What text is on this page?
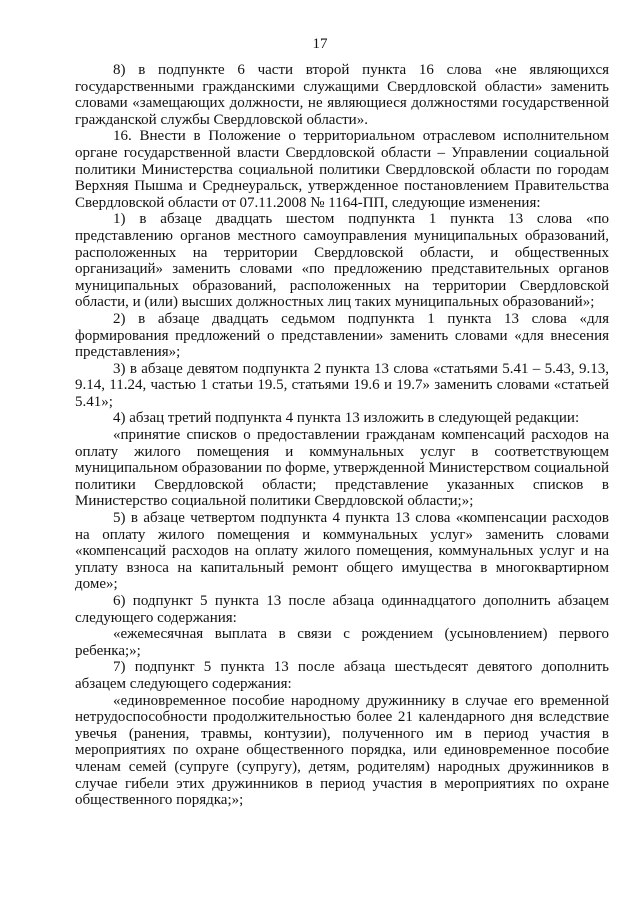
17

8) в подпункте 6 части второй пункта 16 слова «не являющихся государственными гражданскими служащими Свердловской области» заменить словами «замещающих должности, не являющиеся должностями государственной гражданской службы Свердловской области».

16. Внести в Положение о территориальном отраслевом исполнительном органе государственной власти Свердловской области – Управлении социальной политики Министерства социальной политики Свердловской области по городам Верхняя Пышма и Среднеуральск, утвержденное постановлением Правительства Свердловской области от 07.11.2008 № 1164-ПП, следующие изменения:

1) в абзаце двадцать шестом подпункта 1 пункта 13 слова «по представлению органов местного самоуправления муниципальных образований, расположенных на территории Свердловской области, и общественных организаций» заменить словами «по предложению представительных органов муниципальных образований, расположенных на территории Свердловской области, и (или) высших должностных лиц таких муниципальных образований»;

2) в абзаце двадцать седьмом подпункта 1 пункта 13 слова «для формирования предложений о представлении» заменить словами «для внесения представления»;

3) в абзаце девятом подпункта 2 пункта 13 слова «статьями 5.41 – 5.43, 9.13, 9.14, 11.24, частью 1 статьи 19.5, статьями 19.6 и 19.7» заменить словами «статьей 5.41»;

4) абзац третий подпункта 4 пункта 13 изложить в следующей редакции:

«принятие списков о предоставлении гражданам компенсаций расходов на оплату жилого помещения и коммунальных услуг в соответствующем муниципальном образовании по форме, утвержденной Министерством социальной политики Свердловской области; представление указанных списков в Министерство социальной политики Свердловской области;»;

5) в абзаце четвертом подпункта 4 пункта 13 слова «компенсации расходов на оплату жилого помещения и коммунальных услуг» заменить словами «компенсаций расходов на оплату жилого помещения, коммунальных услуг и на уплату взноса на капитальный ремонт общего имущества в многоквартирном доме»;

6) подпункт 5 пункта 13 после абзаца одиннадцатого дополнить абзацем следующего содержания:

«ежемесячная выплата в связи с рождением (усыновлением) первого ребенка;»;

7) подпункт 5 пункта 13 после абзаца шестьдесят девятого дополнить абзацем следующего содержания:

«единовременное пособие народному дружиннику в случае его временной нетрудоспособности продолжительностью более 21 календарного дня вследствие увечья (ранения, травмы, контузии), полученного им в период участия в мероприятиях по охране общественного порядка, или единовременное пособие членам семей (супруге (супругу), детям, родителям) народных дружинников в случае гибели этих дружинников в период участия в мероприятиях по охране общественного порядка;»;
